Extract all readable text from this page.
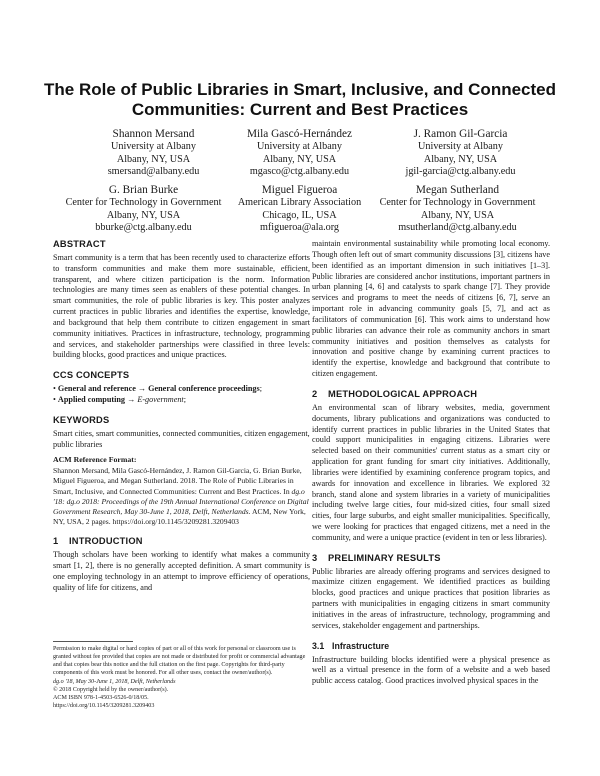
The Role of Public Libraries in Smart, Inclusive, and Connected Communities: Current and Best Practices
Shannon Mersand
University at Albany
Albany, NY, USA
smersand@albany.edu
Mila Gascó-Hernández
University at Albany
Albany, NY, USA
mgasco@ctg.albany.edu
J. Ramon Gil-Garcia
University at Albany
Albany, NY, USA
jgil-garcia@ctg.albany.edu
G. Brian Burke
Center for Technology in Government
Albany, NY, USA
bburke@ctg.albany.edu
Miguel Figueroa
American Library Association
Chicago, IL, USA
mfigueroa@ala.org
Megan Sutherland
Center for Technology in Government
Albany, NY, USA
msutherland@ctg.albany.edu
ABSTRACT

Smart community is a term that has been recently used to characterize efforts to transform communities and make them more sustainable, efficient, transparent, and where citizen participation is the norm. Information technologies are many times seen as enablers of these potential changes. In smart communities, the role of public libraries is key. This poster analyzes current practices in public libraries and identifies the expertise, knowledge, and background that help them contribute to citizen engagement in smart community initiatives. Practices in infrastructure, technology, programming and services, and stakeholder partnerships were classified in three levels: building blocks, good practices and unique practices.

CCS CONCEPTS

• General and reference → General conference proceedings;

• Applied computing → E-government;

KEYWORDS

Smart cities, smart communities, connected communities, citizen engagement, public libraries

ACM Reference Format:

Shannon Mersand, Mila Gascó-Hernández, J. Ramon Gil-Garcia, G. Brian Burke, Miguel Figueroa, and Megan Sutherland. 2018. The Role of Public Libraries in Smart, Inclusive, and Connected Communities: Current and Best Practices. In dg.o '18: dg.o 2018: Proceedings of the 19th Annual International Conference on Digital Government Research, May 30-June 1, 2018, Delft, Netherlands. ACM, New York, NY, USA, 2 pages. https://doi.org/10.1145/3209281.3209403

1 INTRODUCTION

Though scholars have been working to identify what makes a community smart [1, 2], there is no generally accepted definition. A smart community is one employing technology in an attempt to improve efficiency of operations, quality of life for citizens, and

Permission to make digital or hard copies of part or all of this work for personal or classroom use is granted without fee provided that copies are not made or distributed for profit or commercial advantage and that copies bear this notice and the full citation on the first page. Copyrights for third-party components of this work must be honored. For all other uses, contact the owner/author(s).

dg.o '18, May 30-June 1, 2018, Delft, Netherlands

© 2018 Copyright held by the owner/author(s).

ACM ISBN 978-1-4503-6526-0/18/05.

https://doi.org/10.1145/3209281.3209403

maintain environmental sustainability while promoting local economy. Though often left out of smart community discussions [3], citizens have been identified as an important dimension in such initiatives [1–3]. Public libraries are considered anchor institutions, important partners in urban planning [4, 6] and catalysts to spark change [7]. They provide services and programs to meet the needs of citizens [6, 7], serve an important role in advancing community goals [5, 7], and act as facilitators of communication [6]. This work aims to understand how public libraries can advance their role as community anchors in smart community initiatives and position themselves as catalysts for innovation and positive change by examining current practices to identify the expertise, knowledge and background that contribute to citizen engagement.

2 METHODOLOGICAL APPROACH

An environmental scan of library websites, media, government documents, library publications and organizations was conducted to identify current practices in public libraries in the United States that could support municipalities in engaging citizens. Libraries were selected based on their communities' current status as a smart city or application for grant funding for smart city initiatives. Additionally, libraries were identified by examining conference program topics, and awards for innovation and excellence in libraries. We explored 32 branch, stand alone and system libraries in a variety of municipalities including twelve large cities, four mid-sized cities, four small sized cities, four large suburbs, and eight smaller municipalities. Specifically, we were looking for practices that engaged citizens, met a need in the community, and were a unique practice (evident in ten or less libraries).

3 PRELIMINARY RESULTS

Public libraries are already offering programs and services designed to maximize citizen engagement. We identified practices as building blocks, good practices and unique practices that position libraries as partners with municipalities in engaging citizens in smart community initiatives in the areas of infrastructure, technology, programming and services, stakeholder engagement and partnerships.

3.1 Infrastructure

Infrastructure building blocks identified were a physical presence as well as a virtual presence in the form of a website and a web based public access catalog. Good practices involved physical spaces in the
